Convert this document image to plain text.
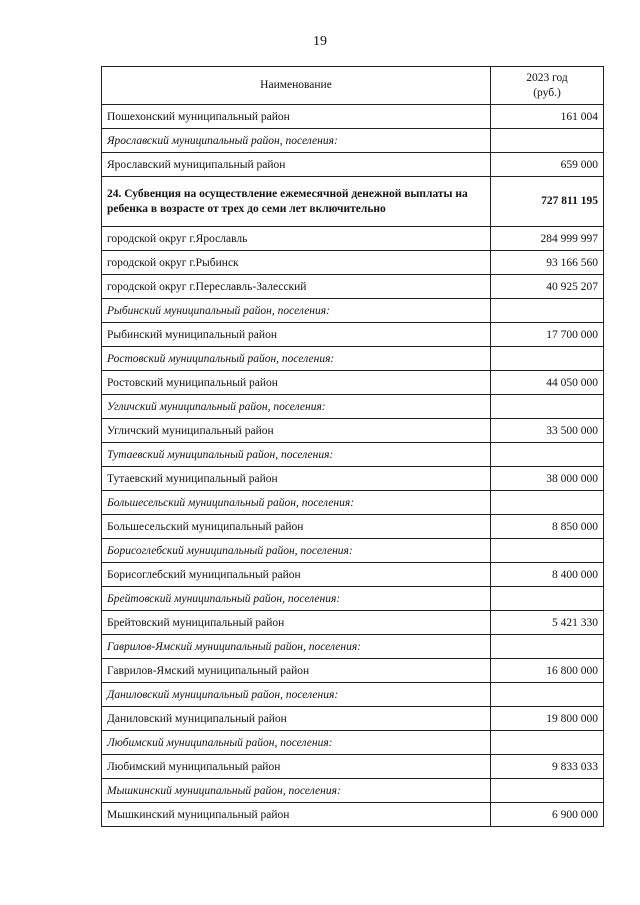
19
Наименование	2023 год
(руб.)

Пошехонский муниципальный район	161 004
Ярославский муниципальный район, поселения:	
Ярославский муниципальный район	659 000
24. Субвенция на осуществление ежемесячной денежной выплаты на ребенка в возрасте от трех до семи лет включительно	727 811 195
городской округ г.Ярославль	284 999 997
городской округ г.Рыбинск	93 166 560
городской округ г.Переславль-Залесский	40 925 207
Рыбинский муниципальный район, поселения:	
Рыбинский муниципальный район	17 700 000
Ростовский муниципальный район, поселения:	
Ростовский муниципальный район	44 050 000
Угличский муниципальный район, поселения:	
Угличский муниципальный район	33 500 000
Тутаевский муниципальный район, поселения:	
Тутаевский муниципальный район	38 000 000
Большесельский муниципальный район, поселения:	
Большесельский муниципальный район	8 850 000
Борисоглебский муниципальный район, поселения:	
Борисоглебский муниципальный район	8 400 000
Брейтовский муниципальный район, поселения:	
Брейтовский муниципальный район	5 421 330
Гаврилов-Ямский муниципальный район, поселения:	
Гаврилов-Ямский муниципальный район	16 800 000
Даниловский муниципальный район, поселения:	
Даниловский муниципальный район	19 800 000
Любимский муниципальный район, поселения:	
Любимский муниципальный район	9 833 033
Мышкинский муниципальный район, поселения:	
Мышкинский муниципальный район	6 900 000
